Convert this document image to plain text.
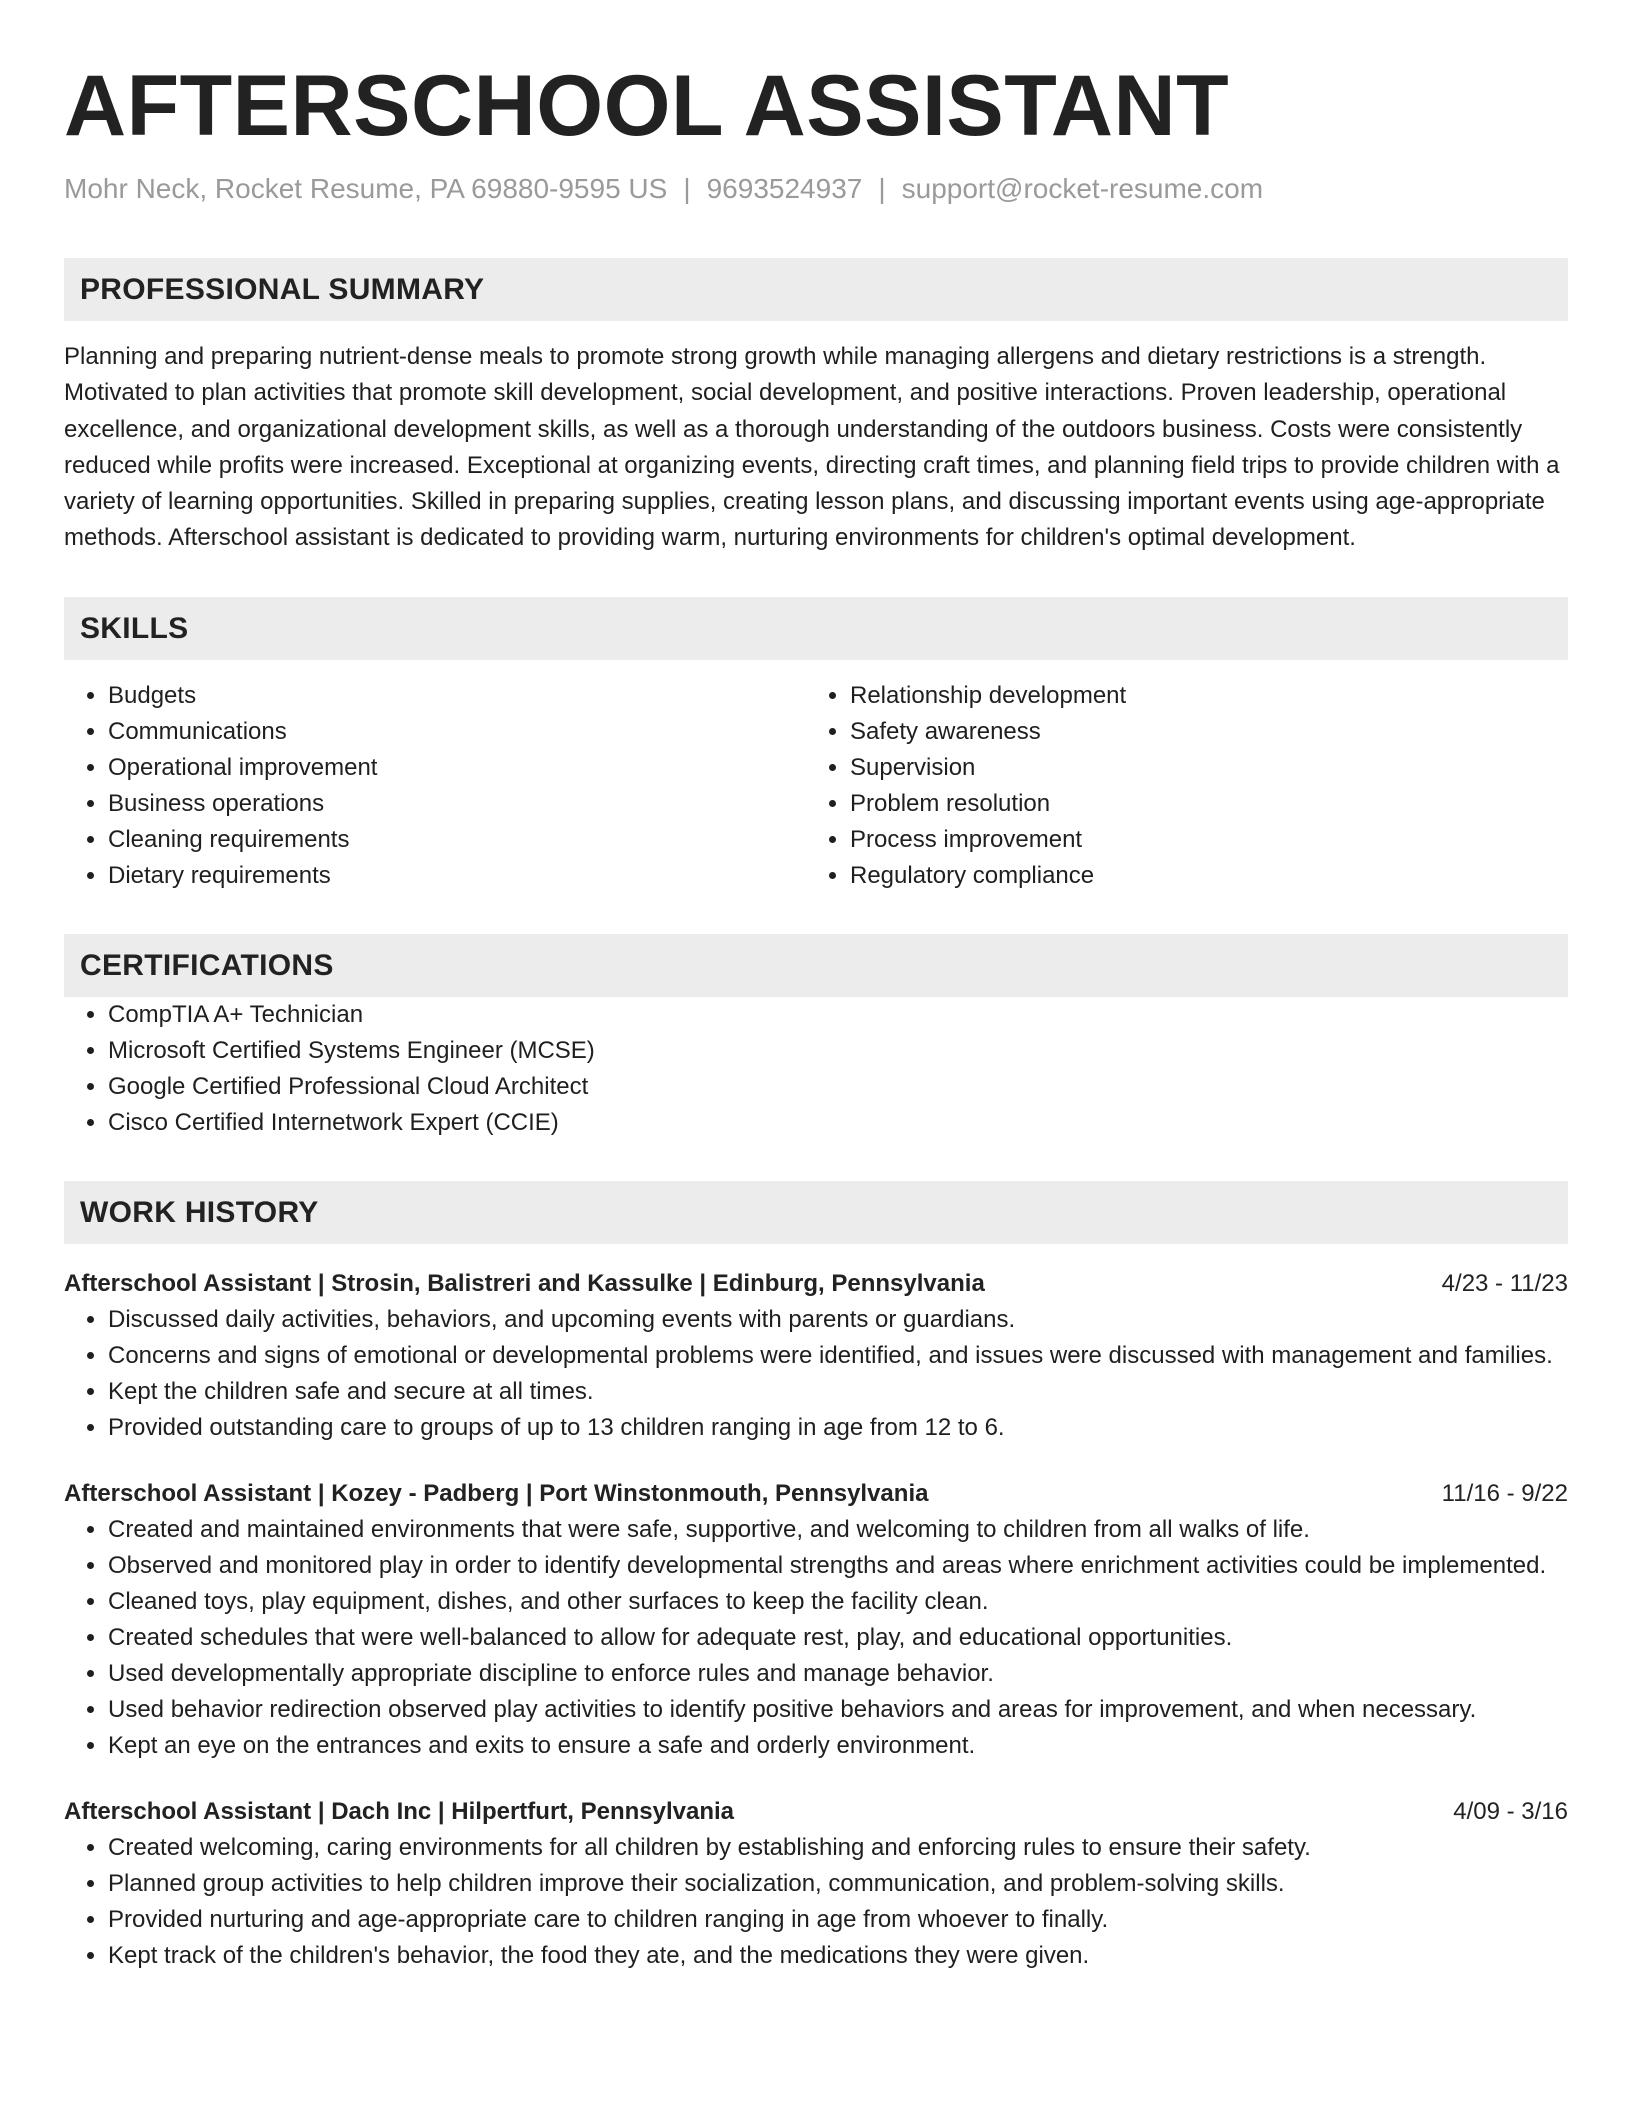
AFTERSCHOOL ASSISTANT
Mohr Neck, Rocket Resume, PA 69880-9595 US | 9693524937 | support@rocket-resume.com
PROFESSIONAL SUMMARY

Planning and preparing nutrient-dense meals to promote strong growth while managing allergens and dietary restrictions is a strength. Motivated to plan activities that promote skill development, social development, and positive interactions. Proven leadership, operational excellence, and organizational development skills, as well as a thorough understanding of the outdoors business. Costs were consistently reduced while profits were increased. Exceptional at organizing events, directing craft times, and planning field trips to provide children with a variety of learning opportunities. Skilled in preparing supplies, creating lesson plans, and discussing important events using age-appropriate methods. Afterschool assistant is dedicated to providing warm, nurturing environments for children's optimal development.

SKILLS
• Budgets
• Communications
• Operational improvement
• Business operations
• Cleaning requirements
• Dietary requirements
• Relationship development
• Safety awareness
• Supervision
• Problem resolution
• Process improvement
• Regulatory compliance
CERTIFICATIONS
• CompTIA A+ Technician
• Microsoft Certified Systems Engineer (MCSE)
• Google Certified Professional Cloud Architect
• Cisco Certified Internetwork Expert (CCIE)
WORK HISTORY
Afterschool Assistant | Strosin, Balistreri and Kassulke | Edinburg, Pennsylvania	4/23 - 11/23
• Discussed daily activities, behaviors, and upcoming events with parents or guardians.
• Concerns and signs of emotional or developmental problems were identified, and issues were discussed with management and families.
• Kept the children safe and secure at all times.
• Provided outstanding care to groups of up to 13 children ranging in age from 12 to 6.
Afterschool Assistant | Kozey - Padberg | Port Winstonmouth, Pennsylvania	11/16 - 9/22
• Created and maintained environments that were safe, supportive, and welcoming to children from all walks of life.
• Observed and monitored play in order to identify developmental strengths and areas where enrichment activities could be implemented.
• Cleaned toys, play equipment, dishes, and other surfaces to keep the facility clean.
• Created schedules that were well-balanced to allow for adequate rest, play, and educational opportunities.
• Used developmentally appropriate discipline to enforce rules and manage behavior.
• Used behavior redirection observed play activities to identify positive behaviors and areas for improvement, and when necessary.
• Kept an eye on the entrances and exits to ensure a safe and orderly environment.
Afterschool Assistant | Dach Inc | Hilpertfurt, Pennsylvania	4/09 - 3/16
• Created welcoming, caring environments for all children by establishing and enforcing rules to ensure their safety.
• Planned group activities to help children improve their socialization, communication, and problem-solving skills.
• Provided nurturing and age-appropriate care to children ranging in age from whoever to finally.
• Kept track of the children's behavior, the food they ate, and the medications they were given.
